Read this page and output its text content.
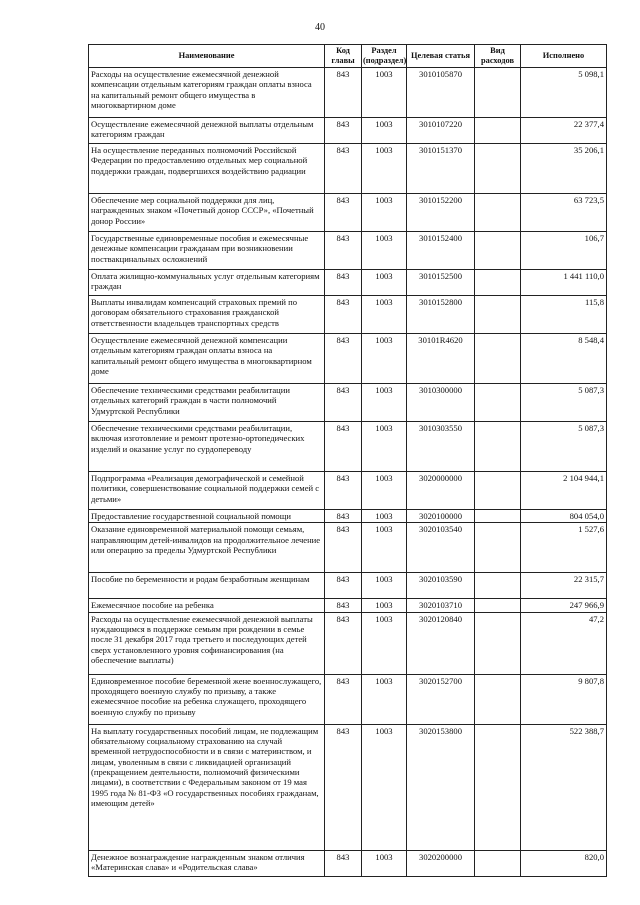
40
Наименование	Код главы	Раздел (подраздел)	Целевая статья	Вид расходов	Исполнено
Расходы на осуществление ежемесячной денежной компенсации отдельным категориям граждан оплаты взноса на капитальный ремонт общего имущества в многоквартирном доме	843	1003	3010105870		5 098,1
Осуществление ежемесячной денежной выплаты отдельным категориям граждан	843	1003	3010107220		22 377,4
На осуществление переданных полномочий Российской Федерации по предоставлению отдельных мер социальной поддержки граждан, подвергшихся воздействию радиации	843	1003	3010151370		35 206,1
Обеспечение мер социальной поддержки для лиц, награжденных знаком «Почетный донор СССР», «Почетный донор России»	843	1003	3010152200		63 723,5
Государственные единовременные пособия и ежемесячные денежные компенсации гражданам при возникновении поствакцинальных осложнений	843	1003	3010152400		106,7
Оплата жилищно-коммунальных услуг отдельным категориям граждан	843	1003	3010152500		1 441 110,0
Выплаты инвалидам компенсаций страховых премий по договорам обязательного страхования гражданской ответственности владельцев транспортных средств	843	1003	3010152800		115,8
Осуществление ежемесячной денежной компенсации отдельным категориям граждан оплаты взноса на капитальный ремонт общего имущества в многоквартирном доме	843	1003	30101R4620		8 548,4
Обеспечение техническими средствами реабилитации отдельных категорий граждан в части полномочий Удмуртской Республики	843	1003	3010300000		5 087,3
Обеспечение техническими средствами реабилитации, включая изготовление и ремонт протезно-ортопедических изделий и оказание услуг по сурдопереводу	843	1003	3010303550		5 087,3
Подпрограмма «Реализация демографической и семейной политики, совершенствование социальной поддержки семей с детьми»	843	1003	3020000000		2 104 944,1
Предоставление государственной социальной помощи	843	1003	3020100000		804 054,0
Оказание единовременной материальной помощи семьям, направляющим детей-инвалидов на продолжительное лечение или операцию за пределы Удмуртской Республики	843	1003	3020103540		1 527,6
Пособие по беременности и родам безработным женщинам	843	1003	3020103590		22 315,7
Ежемесячное пособие на ребенка	843	1003	3020103710		247 966,9
Расходы на осуществление ежемесячной денежной выплаты нуждающимся в поддержке семьям при рождении в семье после 31 декабря 2017 года третьего и последующих детей сверх установленного уровня софинансирования (на обеспечение выплаты)	843	1003	3020120840		47,2
Единовременное пособие беременной жене военнослужащего, проходящего военную службу по призыву, а также ежемесячное пособие на ребенка служащего, проходящего военную службу по призыву	843	1003	3020152700		9 807,8
На выплату государственных пособий лицам, не подлежащим обязательному социальному страхованию на случай временной нетрудоспособности и в связи с материнством, и лицам, уволенным в связи с ликвидацией организаций (прекращением деятельности, полномочий физическими лицами), в соответствии с Федеральным законом от 19 мая 1995 года № 81-ФЗ «О государственных пособиях гражданам, имеющим детей»	843	1003	3020153800		522 388,7
Денежное вознаграждение награжденным знаком отличия «Материнская слава» и «Родительская слава»	843	1003	3020200000		820,0
